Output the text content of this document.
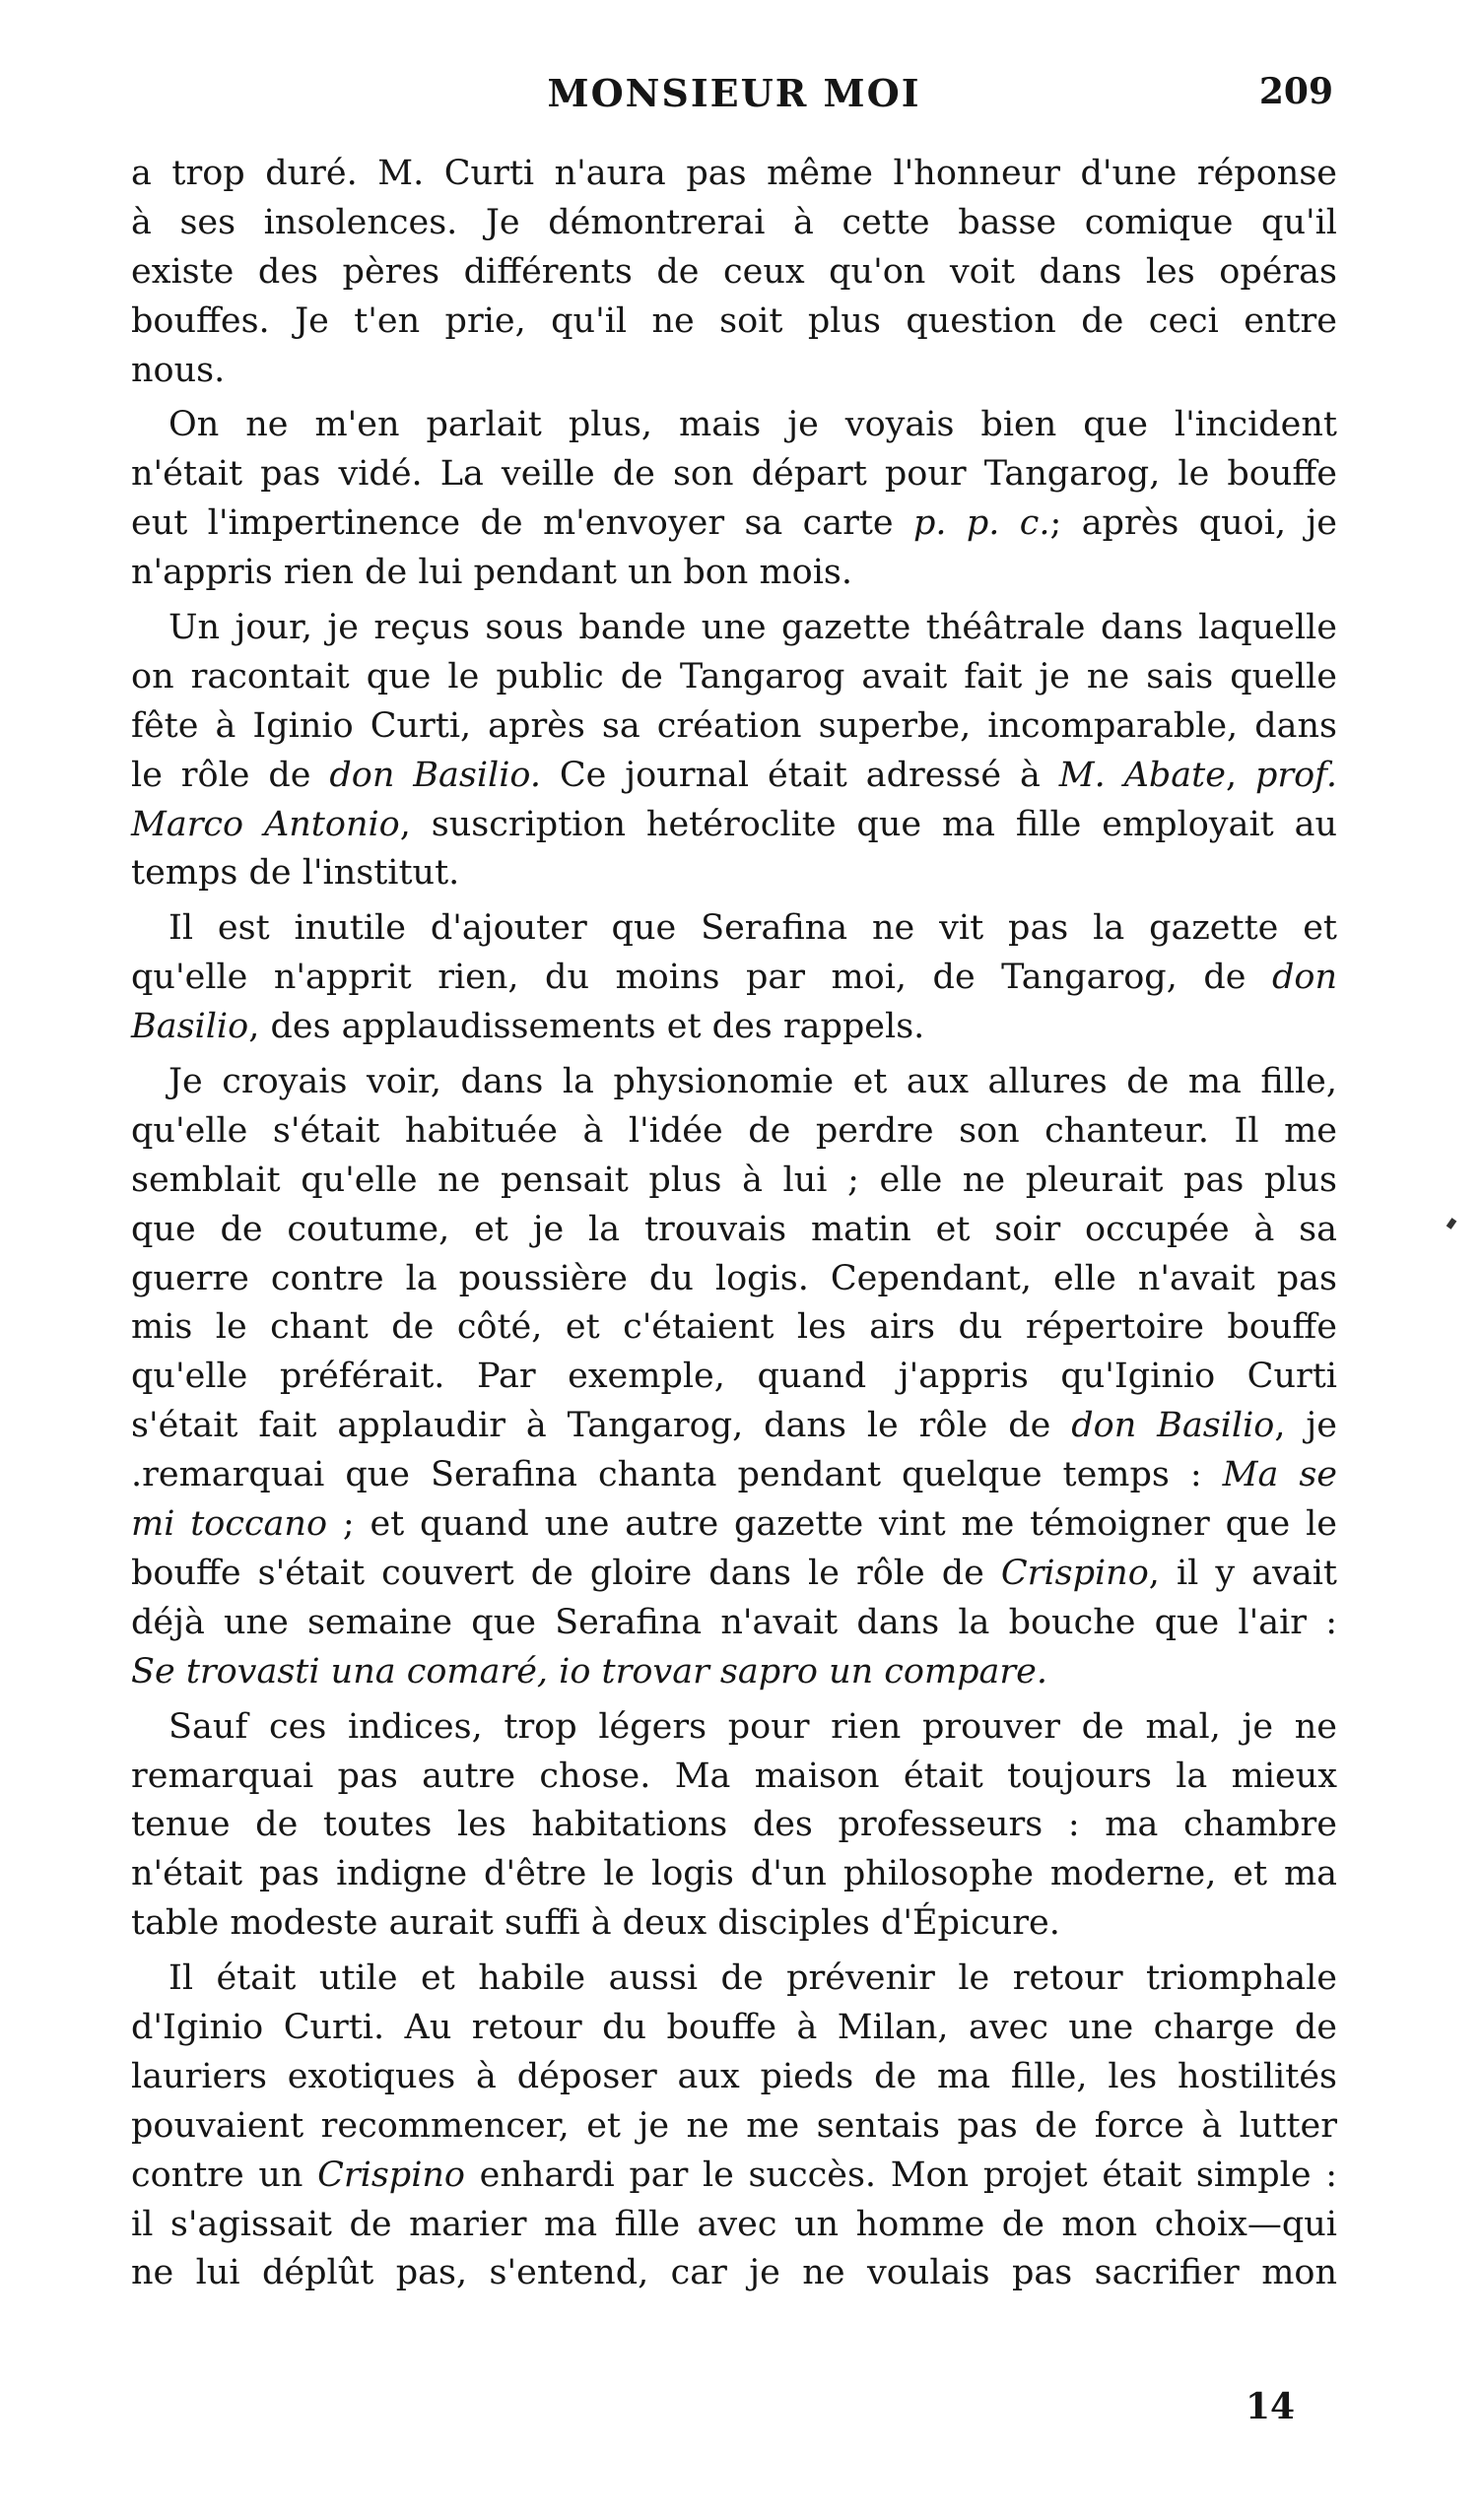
MONSIEUR MOI	209
a trop duré. M. Curti n'aura pas même l'honneur d'une réponse
à ses insolences. Je démontrerai à cette basse comique qu'il
existe des pères différents de ceux qu'on voit dans les opéras
bouffes. Je t'en prie, qu'il ne soit plus question de ceci entre
nous.
On ne m'en parlait plus, mais je voyais bien que l'incident
n'était pas vidé. La veille de son départ pour Tangarog, le bouffe
eut l'impertinence de m'envoyer sa carte p. p. c.; après quoi, je
n'appris rien de lui pendant un bon mois.
Un jour, je reçus sous bande une gazette théâtrale dans laquelle
on racontait que le public de Tangarog avait fait je ne sais quelle
fête à Iginio Curti, après sa création superbe, incomparable, dans
le rôle de don Basilio. Ce journal était adressé à M. Abate, prof.
Marco Antonio, suscription hetéroclite que ma fille employait au
temps de l'institut.
Il est inutile d'ajouter que Serafina ne vit pas la gazette et
qu'elle n'apprit rien, du moins par moi, de Tangarog, de don
Basilio, des applaudissements et des rappels.
Je croyais voir, dans la physionomie et aux allures de ma fille,
qu'elle s'était habituée à l'idée de perdre son chanteur. Il me
semblait qu'elle ne pensait plus à lui ; elle ne pleurait pas plus
que de coutume, et je la trouvais matin et soir occupée à sa
guerre contre la poussière du logis. Cependant, elle n'avait pas
mis le chant de côté, et c'étaient les airs du répertoire bouffe
qu'elle préférait. Par exemple, quand j'appris qu'Iginio Curti
s'était fait applaudir à Tangarog, dans le rôle de don Basilio, je
.remarquai que Serafina chanta pendant quelque temps : Ma se
mi toccano ; et quand une autre gazette vint me témoigner que le
bouffe s'était couvert de gloire dans le rôle de Crispino, il y avait
déjà une semaine que Serafina n'avait dans la bouche que l'air :
Se trovasti una comaré, io trovar sapro un compare.
Sauf ces indices, trop légers pour rien prouver de mal, je ne
remarquai pas autre chose. Ma maison était toujours la mieux
tenue de toutes les habitations des professeurs : ma chambre
n'était pas indigne d'être le logis d'un philosophe moderne, et ma
table modeste aurait suffi à deux disciples d'Épicure.
Il était utile et habile aussi de prévenir le retour triomphale
d'Iginio Curti. Au retour du bouffe à Milan, avec une charge de
lauriers exotiques à déposer aux pieds de ma fille, les hostilités
pouvaient recommencer, et je ne me sentais pas de force à lutter
contre un Crispino enhardi par le succès. Mon projet était simple :
il s'agissait de marier ma fille avec un homme de mon choix—qui
ne lui déplût pas, s'entend, car je ne voulais pas sacrifier mon
14
